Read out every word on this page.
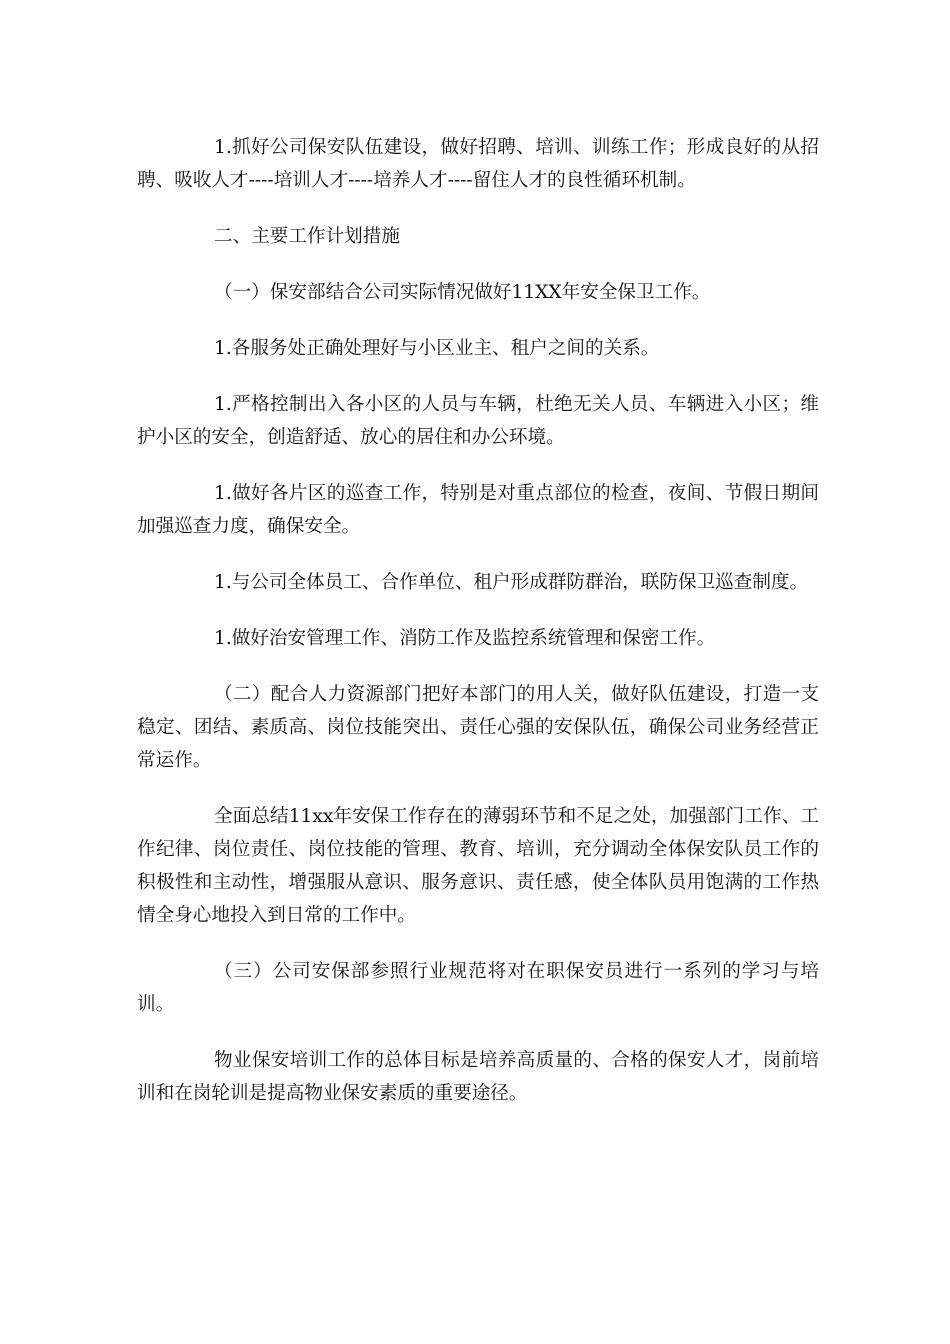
1.抓好公司保安队伍建设，做好招聘、培训、训练工作；形成良好的从招聘、吸收人才----培训人才----培养人才----留住人才的良性循环机制。

二、主要工作计划措施

（一）保安部结合公司实际情况做好11XX年安全保卫工作。

1.各服务处正确处理好与小区业主、租户之间的关系。

1.严格控制出入各小区的人员与车辆，杜绝无关人员、车辆进入小区；维护小区的安全，创造舒适、放心的居住和办公环境。

1.做好各片区的巡查工作，特别是对重点部位的检查，夜间、节假日期间加强巡查力度，确保安全。

1.与公司全体员工、合作单位、租户形成群防群治，联防保卫巡查制度。

1.做好治安管理工作、消防工作及监控系统管理和保密工作。

（二）配合人力资源部门把好本部门的用人关，做好队伍建设，打造一支稳定、团结、素质高、岗位技能突出、责任心强的安保队伍，确保公司业务经营正常运作。

全面总结11xx年安保工作存在的薄弱环节和不足之处，加强部门工作、工作纪律、岗位责任、岗位技能的管理、教育、培训，充分调动全体保安队员工作的积极性和主动性，增强服从意识、服务意识、责任感，使全体队员用饱满的工作热情全身心地投入到日常的工作中。

（三）公司安保部参照行业规范将对在职保安员进行一系列的学习与培训。

物业保安培训工作的总体目标是培养高质量的、合格的保安人才，岗前培训和在岗轮训是提高物业保安素质的重要途径。
